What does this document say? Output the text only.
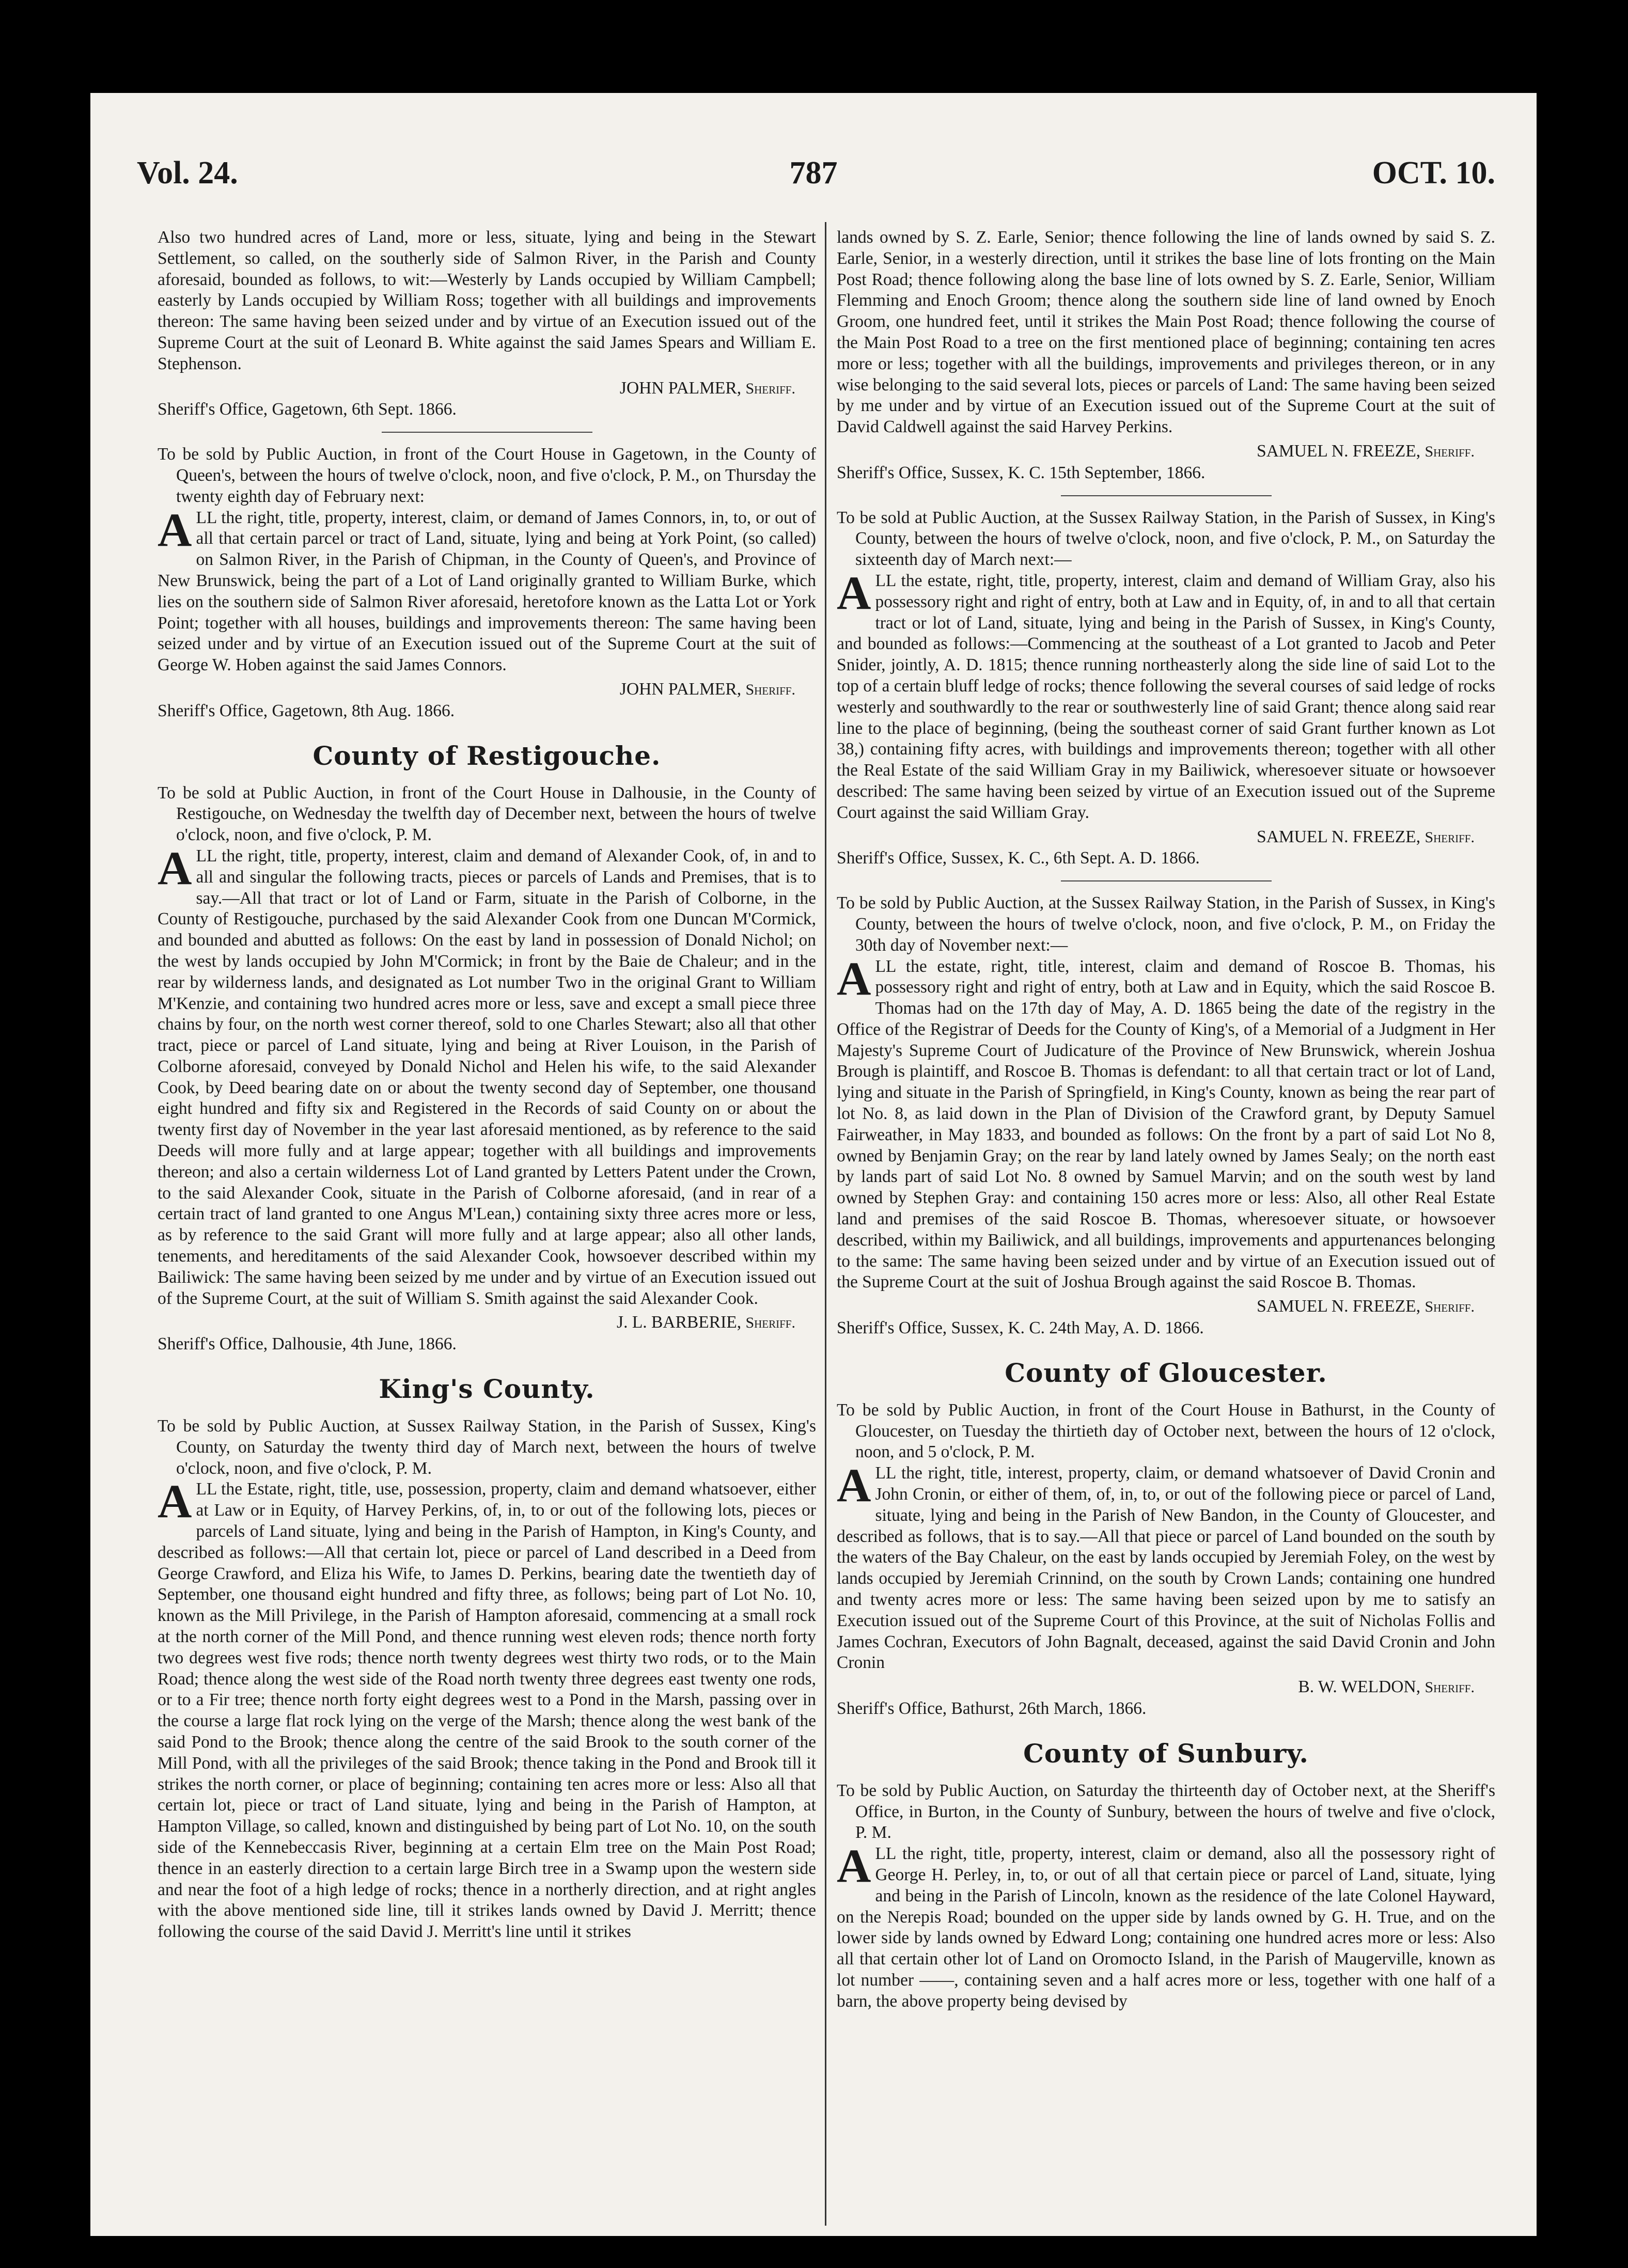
Vol. 24.	787	OCT. 10.

Also two hundred acres of Land, more or less, situate, lying and being in the Stewart Settlement, so called, on the southerly side of Salmon River, in the Parish and County aforesaid, bounded as follows, to wit:—Westerly by Lands occupied by William Campbell; easterly by Lands occupied by William Ross; together with all buildings and improvements thereon: The same having been seized under and by virtue of an Execution issued out of the Supreme Court at the suit of Leonard B. White against the said James Spears and William E. Stephenson.

JOHN PALMER, Sheriff.
Sheriff's Office, Gagetown, 6th Sept. 1866.

To be sold by Public Auction, in front of the Court House in Gagetown, in the County of Queen's, between the hours of twelve o'clock, noon, and five o'clock, P. M., on Thursday the twenty eighth day of February next:

ALL the right, title, property, interest, claim, or demand of James Connors, in, to, or out of all that certain parcel or tract of Land, situate, lying and being at York Point, (so called) on Salmon River, in the Parish of Chipman, in the County of Queen's, and Province of New Brunswick, being the part of a Lot of Land originally granted to William Burke, which lies on the southern side of Salmon River aforesaid, heretofore known as the Latta Lot or York Point; together with all houses, buildings and improvements thereon: The same having been seized under and by virtue of an Execution issued out of the Supreme Court at the suit of George W. Hoben against the said James Connors.

JOHN PALMER, Sheriff.
Sheriff's Office, Gagetown, 8th Aug. 1866.
County of Restigouche.

To be sold at Public Auction, in front of the Court House in Dalhousie, in the County of Restigouche, on Wednesday the twelfth day of December next, between the hours of twelve o'clock, noon, and five o'clock, P. M.

ALL the right, title, property, interest, claim and demand of Alexander Cook, of, in and to all and singular the following tracts, pieces or parcels of Lands and Premises, that is to say.—All that tract or lot of Land or Farm, situate in the Parish of Colborne, in the County of Restigouche, purchased by the said Alexander Cook from one Duncan M'Cormick, and bounded and abutted as follows: On the east by land in possession of Donald Nichol; on the west by lands occupied by John M'Cormick; in front by the Baie de Chaleur; and in the rear by wilderness lands, and designated as Lot number Two in the original Grant to William M'Kenzie, and containing two hundred acres more or less, save and except a small piece three chains by four, on the north west corner thereof, sold to one Charles Stewart; also all that other tract, piece or parcel of Land situate, lying and being at River Louison, in the Parish of Colborne aforesaid, conveyed by Donald Nichol and Helen his wife, to the said Alexander Cook, by Deed bearing date on or about the twenty second day of September, one thousand eight hundred and fifty six and Registered in the Records of said County on or about the twenty first day of November in the year last aforesaid mentioned, as by reference to the said Deeds will more fully and at large appear; together with all buildings and improvements thereon; and also a certain wilderness Lot of Land granted by Letters Patent under the Crown, to the said Alexander Cook, situate in the Parish of Colborne aforesaid, (and in rear of a certain tract of land granted to one Angus M'Lean,) containing sixty three acres more or less, as by reference to the said Grant will more fully and at large appear; also all other lands, tenements, and hereditaments of the said Alexander Cook, howsoever described within my Bailiwick: The same having been seized by me under and by virtue of an Execution issued out of the Supreme Court, at the suit of William S. Smith against the said Alexander Cook.

J. L. BARBERIE, Sheriff.
Sheriff's Office, Dalhousie, 4th June, 1866.
King's County.

To be sold by Public Auction, at Sussex Railway Station, in the Parish of Sussex, King's County, on Saturday the twenty third day of March next, between the hours of twelve o'clock, noon, and five o'clock, P. M.

ALL the Estate, right, title, use, possession, property, claim and demand whatsoever, either at Law or in Equity, of Harvey Perkins, of, in, to or out of the following lots, pieces or parcels of Land situate, lying and being in the Parish of Hampton, in King's County, and described as follows:—All that certain lot, piece or parcel of Land described in a Deed from George Crawford, and Eliza his Wife, to James D. Perkins, bearing date the twentieth day of September, one thousand eight hundred and fifty three, as follows; being part of Lot No. 10, known as the Mill Privilege, in the Parish of Hampton aforesaid, commencing at a small rock at the north corner of the Mill Pond, and thence running west eleven rods; thence north forty two degrees west five rods; thence north twenty degrees west thirty two rods, or to the Main Road; thence along the west side of the Road north twenty three degrees east twenty one rods, or to a Fir tree; thence north forty eight degrees west to a Pond in the Marsh, passing over in the course a large flat rock lying on the verge of the Marsh; thence along the west bank of the said Pond to the Brook; thence along the centre of the said Brook to the south corner of the Mill Pond, with all the privileges of the said Brook; thence taking in the Pond and Brook till it strikes the north corner, or place of beginning; containing ten acres more or less: Also all that certain lot, piece or tract of Land situate, lying and being in the Parish of Hampton, at Hampton Village, so called, known and distinguished by being part of Lot No. 10, on the south side of the Kennebeccasis River, beginning at a certain Elm tree on the Main Post Road; thence in an easterly direction to a certain large Birch tree in a Swamp upon the western side and near the foot of a high ledge of rocks; thence in a northerly direction, and at right angles with the above mentioned side line, till it strikes lands owned by David J. Merritt; thence following the course of the said David J. Merritt's line until it strikes

lands owned by S. Z. Earle, Senior; thence following the line of lands owned by said S. Z. Earle, Senior, in a westerly direction, until it strikes the base line of lots fronting on the Main Post Road; thence following along the base line of lots owned by S. Z. Earle, Senior, William Flemming and Enoch Groom; thence along the southern side line of land owned by Enoch Groom, one hundred feet, until it strikes the Main Post Road; thence following the course of the Main Post Road to a tree on the first mentioned place of beginning; containing ten acres more or less; together with all the buildings, improvements and privileges thereon, or in any wise belonging to the said several lots, pieces or parcels of Land: The same having been seized by me under and by virtue of an Execution issued out of the Supreme Court at the suit of David Caldwell against the said Harvey Perkins.

SAMUEL N. FREEZE, Sheriff.
Sheriff's Office, Sussex, K. C. 15th September, 1866.

To be sold at Public Auction, at the Sussex Railway Station, in the Parish of Sussex, in King's County, between the hours of twelve o'clock, noon, and five o'clock, P. M., on Saturday the sixteenth day of March next:—

ALL the estate, right, title, property, interest, claim and demand of William Gray, also his possessory right and right of entry, both at Law and in Equity, of, in and to all that certain tract or lot of Land, situate, lying and being in the Parish of Sussex, in King's County, and bounded as follows:—Commencing at the southeast of a Lot granted to Jacob and Peter Snider, jointly, A. D. 1815; thence running northeasterly along the side line of said Lot to the top of a certain bluff ledge of rocks; thence following the several courses of said ledge of rocks westerly and southwardly to the rear or southwesterly line of said Grant; thence along said rear line to the place of beginning, (being the southeast corner of said Grant further known as Lot 38,) containing fifty acres, with buildings and improvements thereon; together with all other the Real Estate of the said William Gray in my Bailiwick, wheresoever situate or howsoever described: The same having been seized by virtue of an Execution issued out of the Supreme Court against the said William Gray.

SAMUEL N. FREEZE, Sheriff.
Sheriff's Office, Sussex, K. C., 6th Sept. A. D. 1866.

To be sold by Public Auction, at the Sussex Railway Station, in the Parish of Sussex, in King's County, between the hours of twelve o'clock, noon, and five o'clock, P. M., on Friday the 30th day of November next:—

ALL the estate, right, title, interest, claim and demand of Roscoe B. Thomas, his possessory right and right of entry, both at Law and in Equity, which the said Roscoe B. Thomas had on the 17th day of May, A. D. 1865 being the date of the registry in the Office of the Registrar of Deeds for the County of King's, of a Memorial of a Judgment in Her Majesty's Supreme Court of Judicature of the Province of New Brunswick, wherein Joshua Brough is plaintiff, and Roscoe B. Thomas is defendant: to all that certain tract or lot of Land, lying and situate in the Parish of Springfield, in King's County, known as being the rear part of lot No. 8, as laid down in the Plan of Division of the Crawford grant, by Deputy Samuel Fairweather, in May 1833, and bounded as follows: On the front by a part of said Lot No 8, owned by Benjamin Gray; on the rear by land lately owned by James Sealy; on the north east by lands part of said Lot No. 8 owned by Samuel Marvin; and on the south west by land owned by Stephen Gray: and containing 150 acres more or less: Also, all other Real Estate land and premises of the said Roscoe B. Thomas, wheresoever situate, or howsoever described, within my Bailiwick, and all buildings, improvements and appurtenances belonging to the same: The same having been seized under and by virtue of an Execution issued out of the Supreme Court at the suit of Joshua Brough against the said Roscoe B. Thomas.

SAMUEL N. FREEZE, Sheriff.
Sheriff's Office, Sussex, K. C. 24th May, A. D. 1866.
County of Gloucester.

To be sold by Public Auction, in front of the Court House in Bathurst, in the County of Gloucester, on Tuesday the thirtieth day of October next, between the hours of 12 o'clock, noon, and 5 o'clock, P. M.

ALL the right, title, interest, property, claim, or demand whatsoever of David Cronin and John Cronin, or either of them, of, in, to, or out of the following piece or parcel of Land, situate, lying and being in the Parish of New Bandon, in the County of Gloucester, and described as follows, that is to say.—All that piece or parcel of Land bounded on the south by the waters of the Bay Chaleur, on the east by lands occupied by Jeremiah Foley, on the west by lands occupied by Jeremiah Crinnind, on the south by Crown Lands; containing one hundred and twenty acres more or less: The same having been seized upon by me to satisfy an Execution issued out of the Supreme Court of this Province, at the suit of Nicholas Follis and James Cochran, Executors of John Bagnalt, deceased, against the said David Cronin and John Cronin

B. W. WELDON, Sheriff.
Sheriff's Office, Bathurst, 26th March, 1866.
County of Sunbury.

To be sold by Public Auction, on Saturday the thirteenth day of October next, at the Sheriff's Office, in Burton, in the County of Sunbury, between the hours of twelve and five o'clock, P. M.

ALL the right, title, property, interest, claim or demand, also all the possessory right of George H. Perley, in, to, or out of all that certain piece or parcel of Land, situate, lying and being in the Parish of Lincoln, known as the residence of the late Colonel Hayward, on the Nerepis Road; bounded on the upper side by lands owned by G. H. True, and on the lower side by lands owned by Edward Long; containing one hundred acres more or less: Also all that certain other lot of Land on Oromocto Island, in the Parish of Maugerville, known as lot number ——, containing seven and a half acres more or less, together with one half of a barn, the above property being devised by
